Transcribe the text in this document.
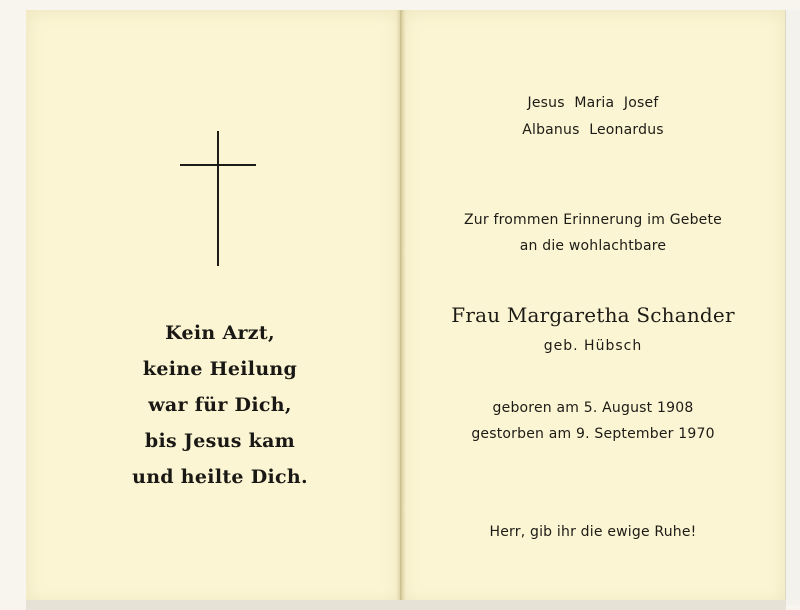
Kein Arzt,
keine Heilung
war für Dich,
bis Jesus kam
und heilte Dich.
Jesus Maria Josef
Albanus Leonardus
Zur frommen Erinnerung im Gebete
an die wohlachtbare
Frau Margaretha Schander
geb. Hübsch
geboren am 5. August 1908
gestorben am 9. September 1970
Herr, gib ihr die ewige Ruhe!
